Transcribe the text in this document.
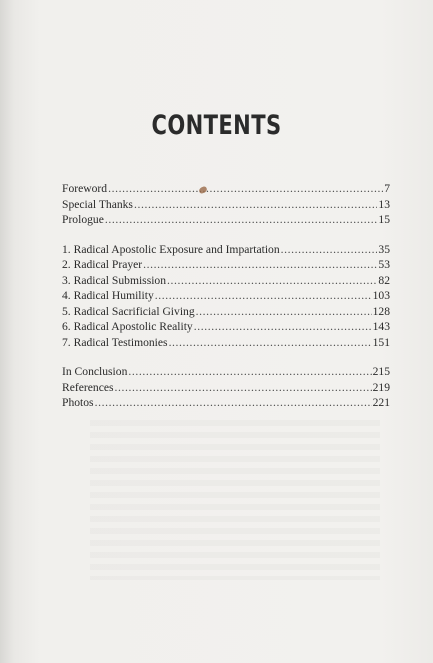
CONTENTS
Foreword .....	7
Special Thanks .....	13
Prologue .....	15
1. Radical Apostolic Exposure and Impartation .....	35
2. Radical Prayer .....	53
3. Radical Submission .....	82
4. Radical Humility .....	103
5. Radical Sacrificial Giving .....	128
6. Radical Apostolic Reality .....	143
7. Radical Testimonies .....	151
In Conclusion .....	215
References .....	219
Photos .....	221
